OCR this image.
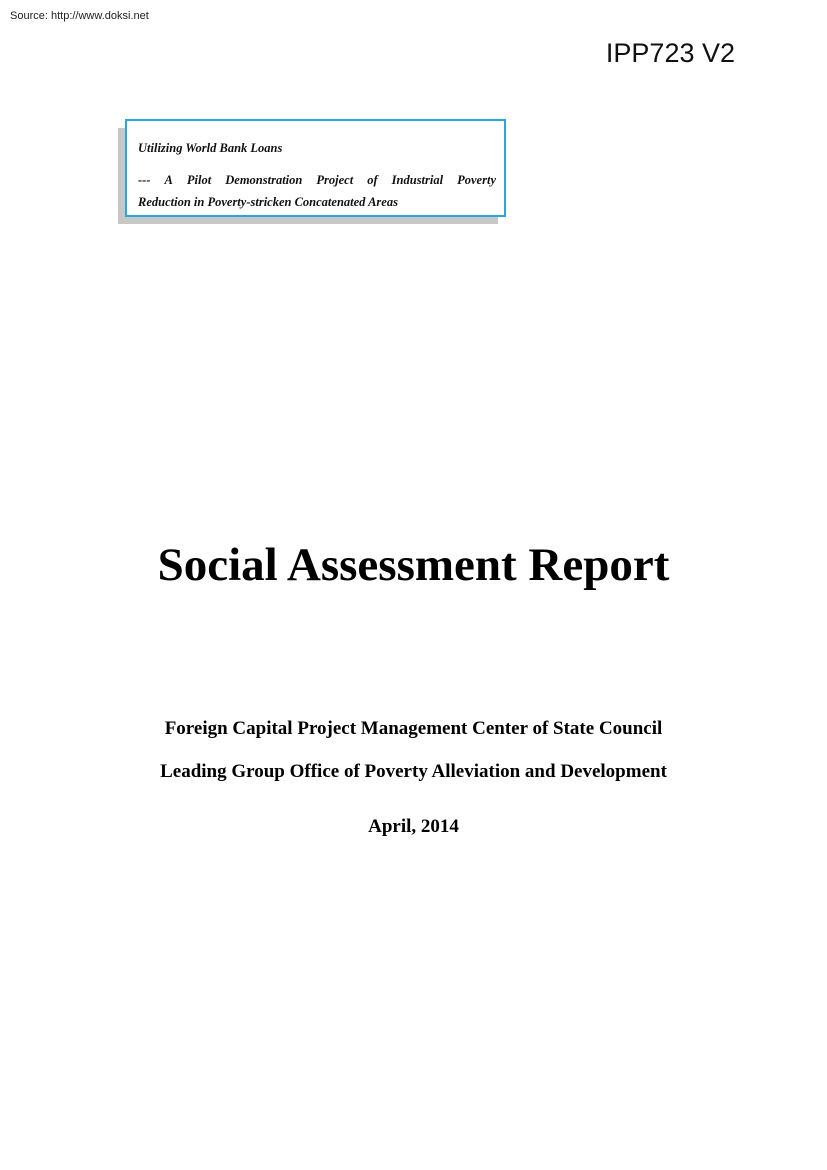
Source: http://www.doksi.net
IPP723 V2
Utilizing World Bank Loans
--- A Pilot Demonstration Project of Industrial Poverty
Reduction in Poverty-stricken Concatenated Areas
Social Assessment Report
Foreign Capital Project Management Center of State Council
Leading Group Office of Poverty Alleviation and Development
April, 2014
